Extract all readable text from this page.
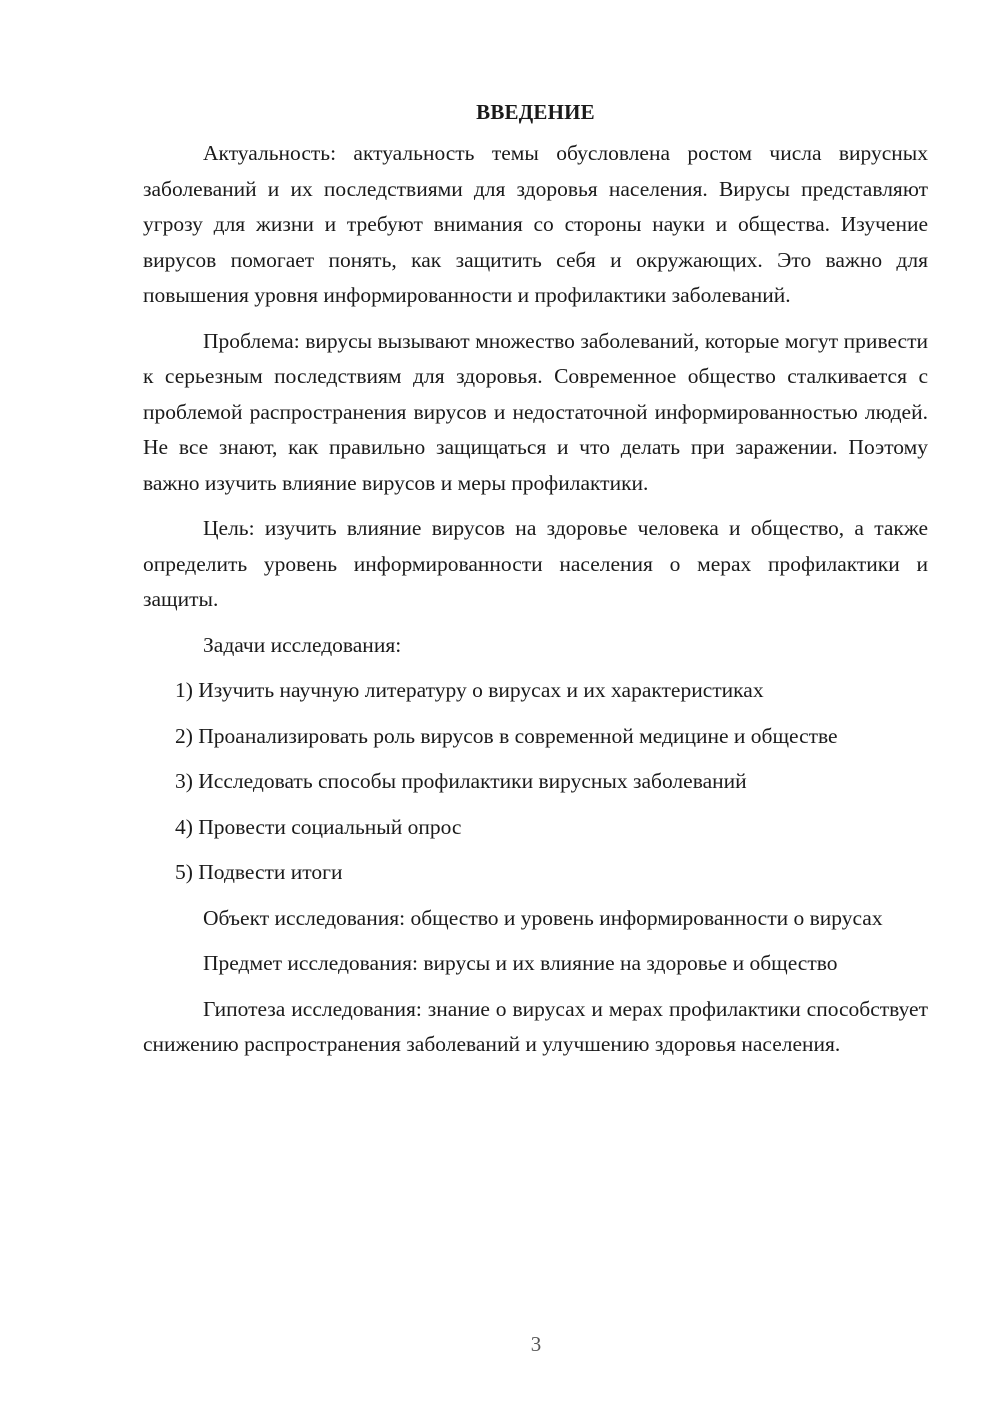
ВВЕДЕНИЕ

Актуальность: актуальность темы обусловлена ростом числа вирусных заболеваний и их последствиями для здоровья населения. Вирусы представляют угрозу для жизни и требуют внимания со стороны науки и общества. Изучение вирусов помогает понять, как защитить себя и окружающих. Это важно для повышения уровня информированности и профилактики заболеваний.

Проблема: вирусы вызывают множество заболеваний, которые могут привести к серьезным последствиям для здоровья. Современное общество сталкивается с проблемой распространения вирусов и недостаточной информированностью людей. Не все знают, как правильно защищаться и что делать при заражении. Поэтому важно изучить влияние вирусов и меры профилактики.

Цель: изучить влияние вирусов на здоровье человека и общество, а также определить уровень информированности населения о мерах профилактики и защиты.

Задачи исследования:

1) Изучить научную литературу о вирусах и их характеристиках

2) Проанализировать роль вирусов в современной медицине и обществе

3) Исследовать способы профилактики вирусных заболеваний

4) Провести социальный опрос

5) Подвести итоги

Объект исследования: общество и уровень информированности о вирусах

Предмет исследования: вирусы и их влияние на здоровье и общество

Гипотеза исследования: знание о вирусах и мерах профилактики способствует снижению распространения заболеваний и улучшению здоровья населения.

3
